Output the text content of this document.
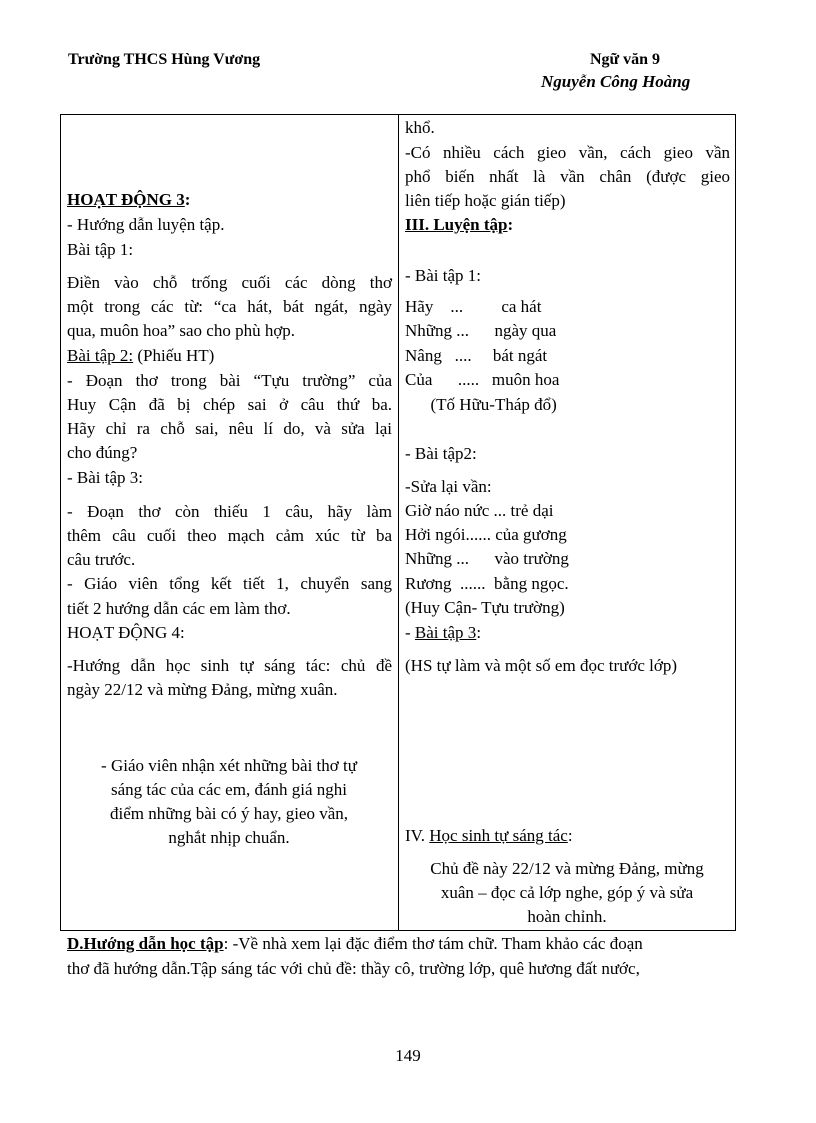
Trường THCS Hùng Vương	Ngữ văn 9
Nguyễn Công Hoàng
HOẠT ĐỘNG 3:
- Hướng dẫn luyện tập.
Bài tập 1:
Điền vào chỗ trống cuối các dòng thơ
một trong các từ: “ca hát, bát ngát, ngày
qua, muôn hoa” sao cho phù hợp.
Bài tập 2: (Phiếu HT)
- Đoạn thơ trong bài “Tựu trường” của
Huy Cận đã bị chép sai ở câu thứ ba.
Hãy chỉ ra chỗ sai, nêu lí do, và sửa lại
cho đúng?
- Bài tập 3:
- Đoạn thơ còn thiếu 1 câu, hãy làm
thêm câu cuối theo mạch cảm xúc từ ba
câu trước.
- Giáo viên tổng kết tiết 1, chuyển sang
tiết 2 hướng dẫn các em làm thơ.
HOẠT ĐỘNG 4:
-Hướng dẫn học sinh tự sáng tác: chủ đề
ngày 22/12 và mừng Đảng, mừng xuân.
- Giáo viên nhận xét những bài thơ tự
sáng tác của các em, đánh giá nghi
điểm những bài có ý hay, gieo vần,
nghắt nhịp chuẩn.
khổ.
-Có nhiều cách gieo vần, cách gieo vần
phổ biến nhất là vần chân (được gieo
liên tiếp hoặc gián tiếp)
III. Luyện tập:
- Bài tập 1:
Hãy    ...         ca hát
Những ...      ngày qua
Nâng   ....     bát ngát
Của      .....   muôn hoa
(Tố Hữu-Tháp đổ)
- Bài tập2:
-Sửa lại vần:
Giờ náo nức ... trẻ dại
Hởi ngói...... của gương
Những ...      vào trường
Rương  ......  bằng ngọc.
(Huy Cận- Tựu trường)
- Bài tập 3:
(HS tự làm và một số em đọc trước lớp)
IV. Học sinh tự sáng tác:
Chủ đề này 22/12 và mừng Đảng, mừng
xuân – đọc cả lớp nghe, góp ý và sửa
hoàn chỉnh.
D.Hướng dẫn học tập: -Về nhà xem lại đặc điểm thơ tám chữ. Tham khảo các đoạn
thơ đã hướng dẫn.Tập sáng tác với chủ đề: thầy cô, trường lớp, quê hương đất nước,
149
